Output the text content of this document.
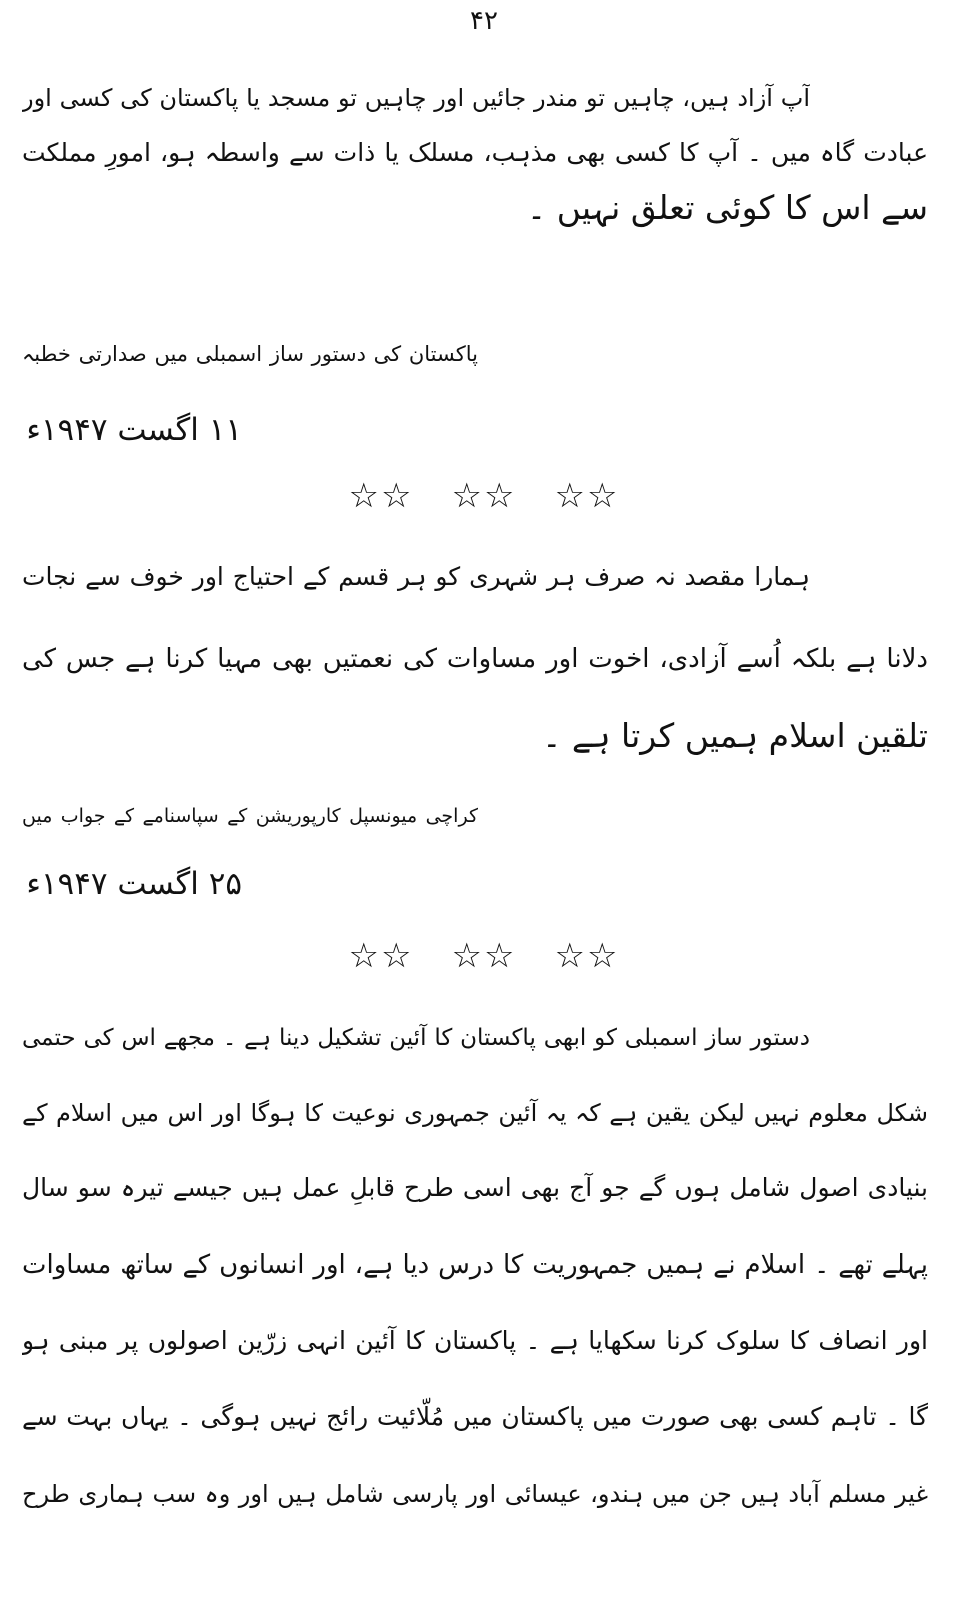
۴۲
آپ آزاد ہیں، چاہیں تو مندر جائیں اور چاہیں تو مسجد یا پاکستان کی کسی اور
عبادت گاہ میں ۔ آپ کا کسی بھی مذہب، مسلک یا ذات سے واسطہ ہو، امورِ مملکت
سے اس کا کوئی تعلق نہیں ۔
پاکستان کی دستور ساز اسمبلی میں صدارتی خطبہ
۱۱ اگست ۱۹۴۷ء
☆☆ ☆☆ ☆☆
ہمارا مقصد نہ صرف ہر شہری کو ہر قسم کے احتیاج اور خوف سے نجات
دلانا ہے بلکہ اُسے آزادی، اخوت اور مساوات کی نعمتیں بھی مہیا کرنا ہے جس کی
تلقین اسلام ہمیں کرتا ہے ۔
کراچی میونسپل کارپوریشن کے سپاسنامے کے جواب میں
۲۵ اگست ۱۹۴۷ء
☆☆ ☆☆ ☆☆
دستور ساز اسمبلی کو ابھی پاکستان کا آئین تشکیل دینا ہے ۔ مجھے اس کی حتمی
شکل معلوم نہیں لیکن یقین ہے کہ یہ آئین جمہوری نوعیت کا ہوگا اور اس میں اسلام کے
بنیادی اصول شامل ہوں گے جو آج بھی اسی طرح قابلِ عمل ہیں جیسے تیرہ سو سال
پہلے تھے ۔ اسلام نے ہمیں جمہوریت کا درس دیا ہے، اور انسانوں کے ساتھ مساوات
اور انصاف کا سلوک کرنا سکھایا ہے ۔ پاکستان کا آئین انہی زرّین اصولوں پر مبنی ہو
گا ۔ تاہم کسی بھی صورت میں پاکستان میں مُلّائیت رائج نہیں ہوگی ۔ یہاں بہت سے
غیر مسلم آباد ہیں جن میں ہندو، عیسائی اور پارسی شامل ہیں اور وہ سب ہماری طرح
